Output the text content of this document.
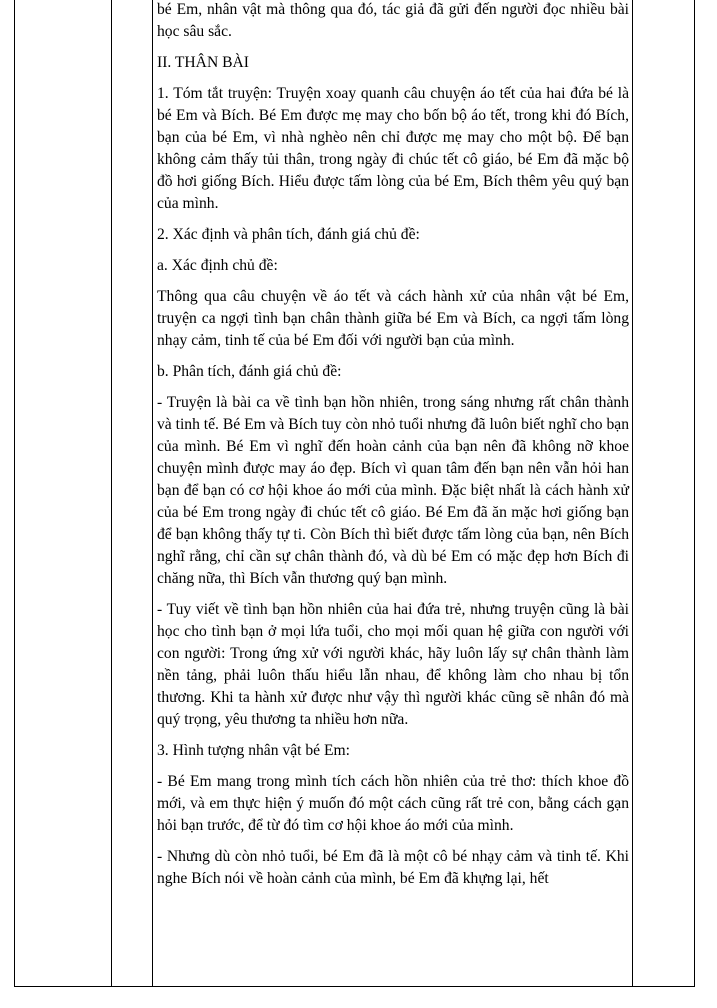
bé Em, nhân vật mà thông qua đó, tác giả đã gửi đến người đọc nhiều bài học sâu sắc.

II. THÂN BÀI

1. Tóm tắt truyện: Truyện xoay quanh câu chuyện áo tết của hai đứa bé là bé Em và Bích. Bé Em được mẹ may cho bốn bộ áo tết, trong khi đó Bích, bạn của bé Em, vì nhà nghèo nên chỉ được mẹ may cho một bộ. Để bạn không cảm thấy tủi thân, trong ngày đi chúc tết cô giáo, bé Em đã mặc bộ đồ hơi giống Bích. Hiểu được tấm lòng của bé Em, Bích thêm yêu quý bạn của mình.

2. Xác định và phân tích, đánh giá chủ đề:

a. Xác định chủ đề:

Thông qua câu chuyện về áo tết và cách hành xử của nhân vật bé Em, truyện ca ngợi tình bạn chân thành giữa bé Em và Bích, ca ngợi tấm lòng nhạy cảm, tinh tế của bé Em đối với người bạn của mình.

b. Phân tích, đánh giá chủ đề:

- Truyện là bài ca về tình bạn hồn nhiên, trong sáng nhưng rất chân thành và tinh tế. Bé Em và Bích tuy còn nhỏ tuổi nhưng đã luôn biết nghĩ cho bạn của mình. Bé Em vì nghĩ đến hoàn cảnh của bạn nên đã không nỡ khoe chuyện mình được may áo đẹp. Bích vì quan tâm đến bạn nên vẫn hỏi han bạn để bạn có cơ hội khoe áo mới của mình. Đặc biệt nhất là cách hành xử của bé Em trong ngày đi chúc tết cô giáo. Bé Em đã ăn mặc hơi giống bạn để bạn không thấy tự ti. Còn Bích thì biết được tấm lòng của bạn, nên Bích nghĩ rằng, chỉ cần sự chân thành đó, và dù bé Em có mặc đẹp hơn Bích đi chăng nữa, thì Bích vẫn thương quý bạn mình.

- Tuy viết về tình bạn hồn nhiên của hai đứa trẻ, nhưng truyện cũng là bài học cho tình bạn ở mọi lứa tuổi, cho mọi mối quan hệ giữa con người với con người: Trong ứng xử với người khác, hãy luôn lấy sự chân thành làm nền tảng, phải luôn thấu hiểu lẫn nhau, để không làm cho nhau bị tổn thương. Khi ta hành xử được như vậy thì người khác cũng sẽ nhân đó mà quý trọng, yêu thương ta nhiều hơn nữa.

3. Hình tượng nhân vật bé Em:

- Bé Em mang trong mình tích cách hồn nhiên của trẻ thơ: thích khoe đồ mới, và em thực hiện ý muốn đó một cách cũng rất trẻ con, bằng cách gạn hỏi bạn trước, để từ đó tìm cơ hội khoe áo mới của mình.

- Nhưng dù còn nhỏ tuổi, bé Em đã là một cô bé nhạy cảm và tinh tế. Khi nghe Bích nói về hoàn cảnh của mình, bé Em đã khựng lại, hết
